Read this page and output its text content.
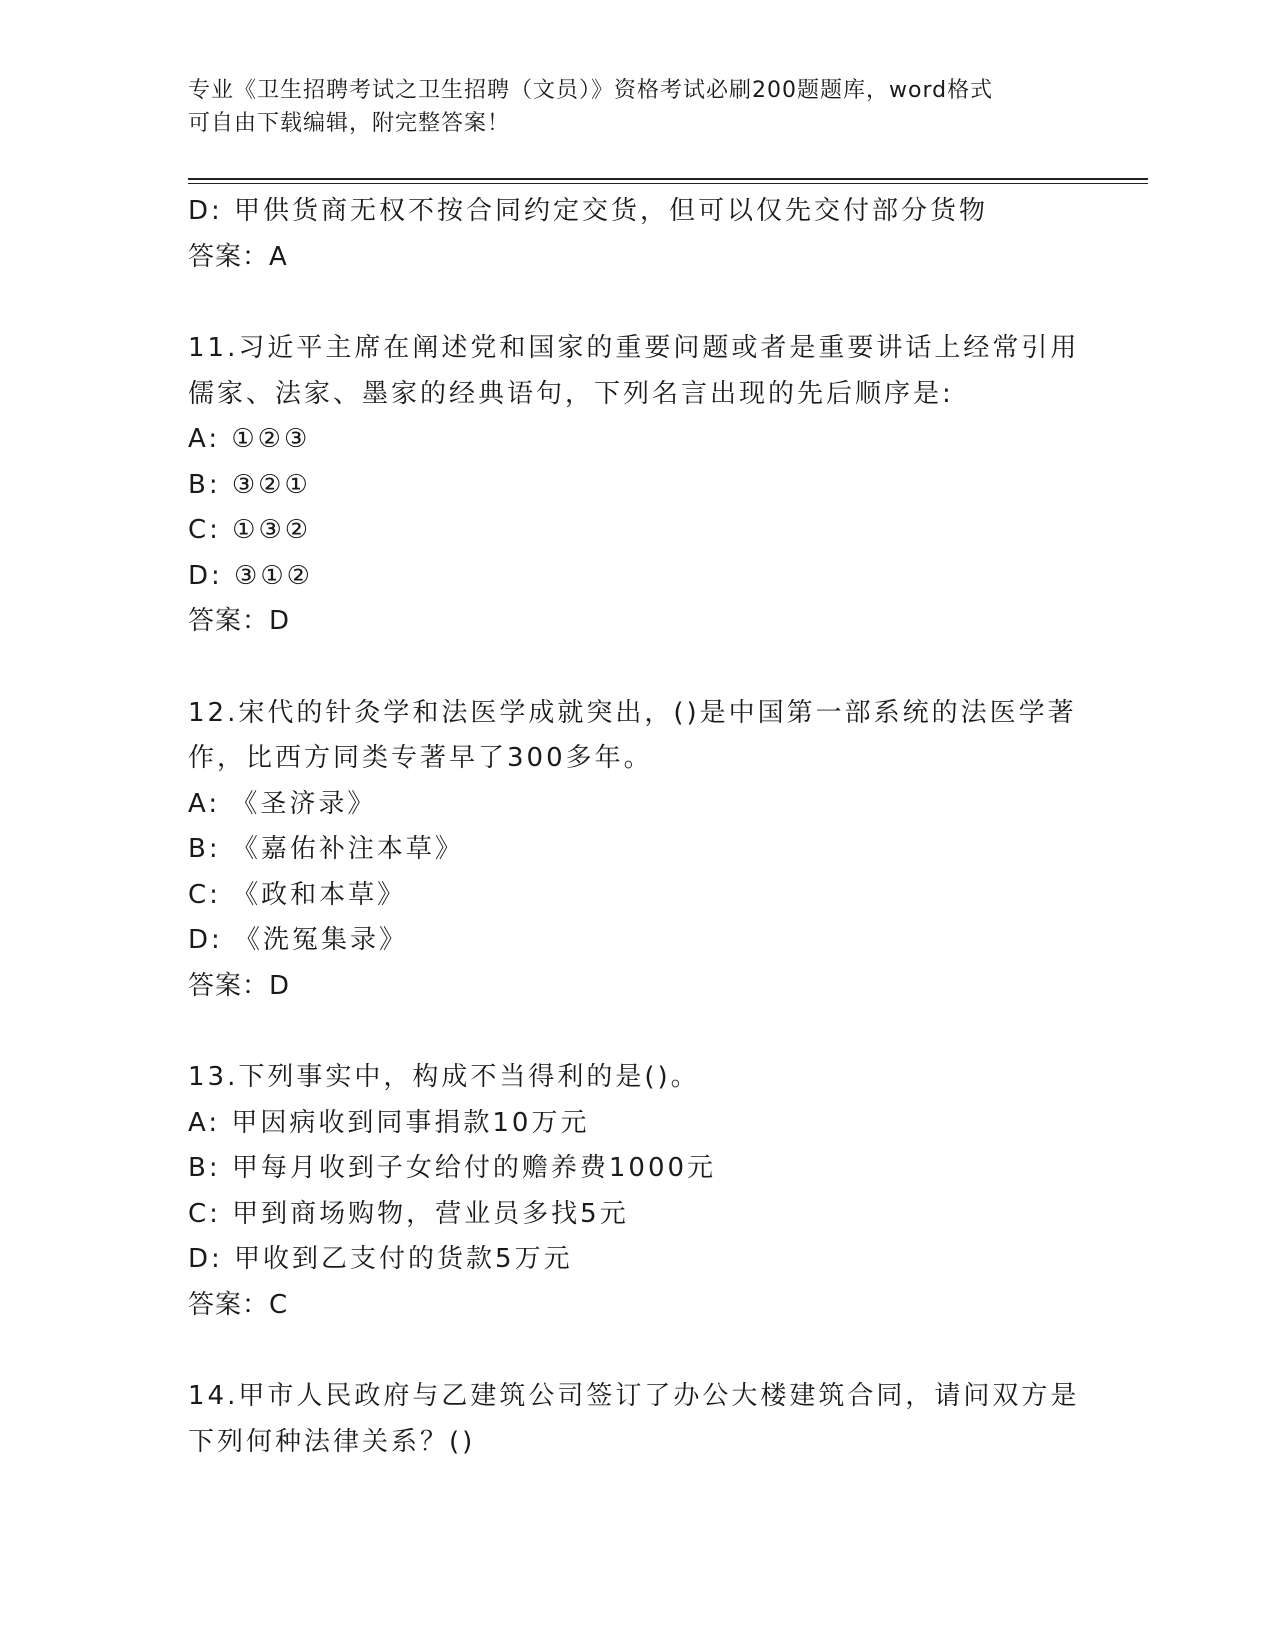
专业《卫生招聘考试之卫生招聘（文员）》资格考试必刷200题题库，word格式
可自由下载编辑，附完整答案！
D: 甲供货商无权不按合同约定交货，但可以仅先交付部分货物
答案：A
11.习近平主席在阐述党和国家的重要问题或者是重要讲话上经常引用
儒家、法家、墨家的经典语句，下列名言出现的先后顺序是:
A: ①②③
B: ③②①
C: ①③②
D: ③①②
答案：D
12.宋代的针灸学和法医学成就突出，()是中国第一部系统的法医学著
作，比西方同类专著早了300多年。
A: 《圣济录》
B: 《嘉佑补注本草》
C: 《政和本草》
D: 《洗冤集录》
答案：D
13.下列事实中，构成不当得利的是()。
A: 甲因病收到同事捐款10万元
B: 甲每月收到子女给付的赡养费1000元
C: 甲到商场购物，营业员多找5元
D: 甲收到乙支付的货款5万元
答案：C
14.甲市人民政府与乙建筑公司签订了办公大楼建筑合同，请问双方是
下列何种法律关系？()
